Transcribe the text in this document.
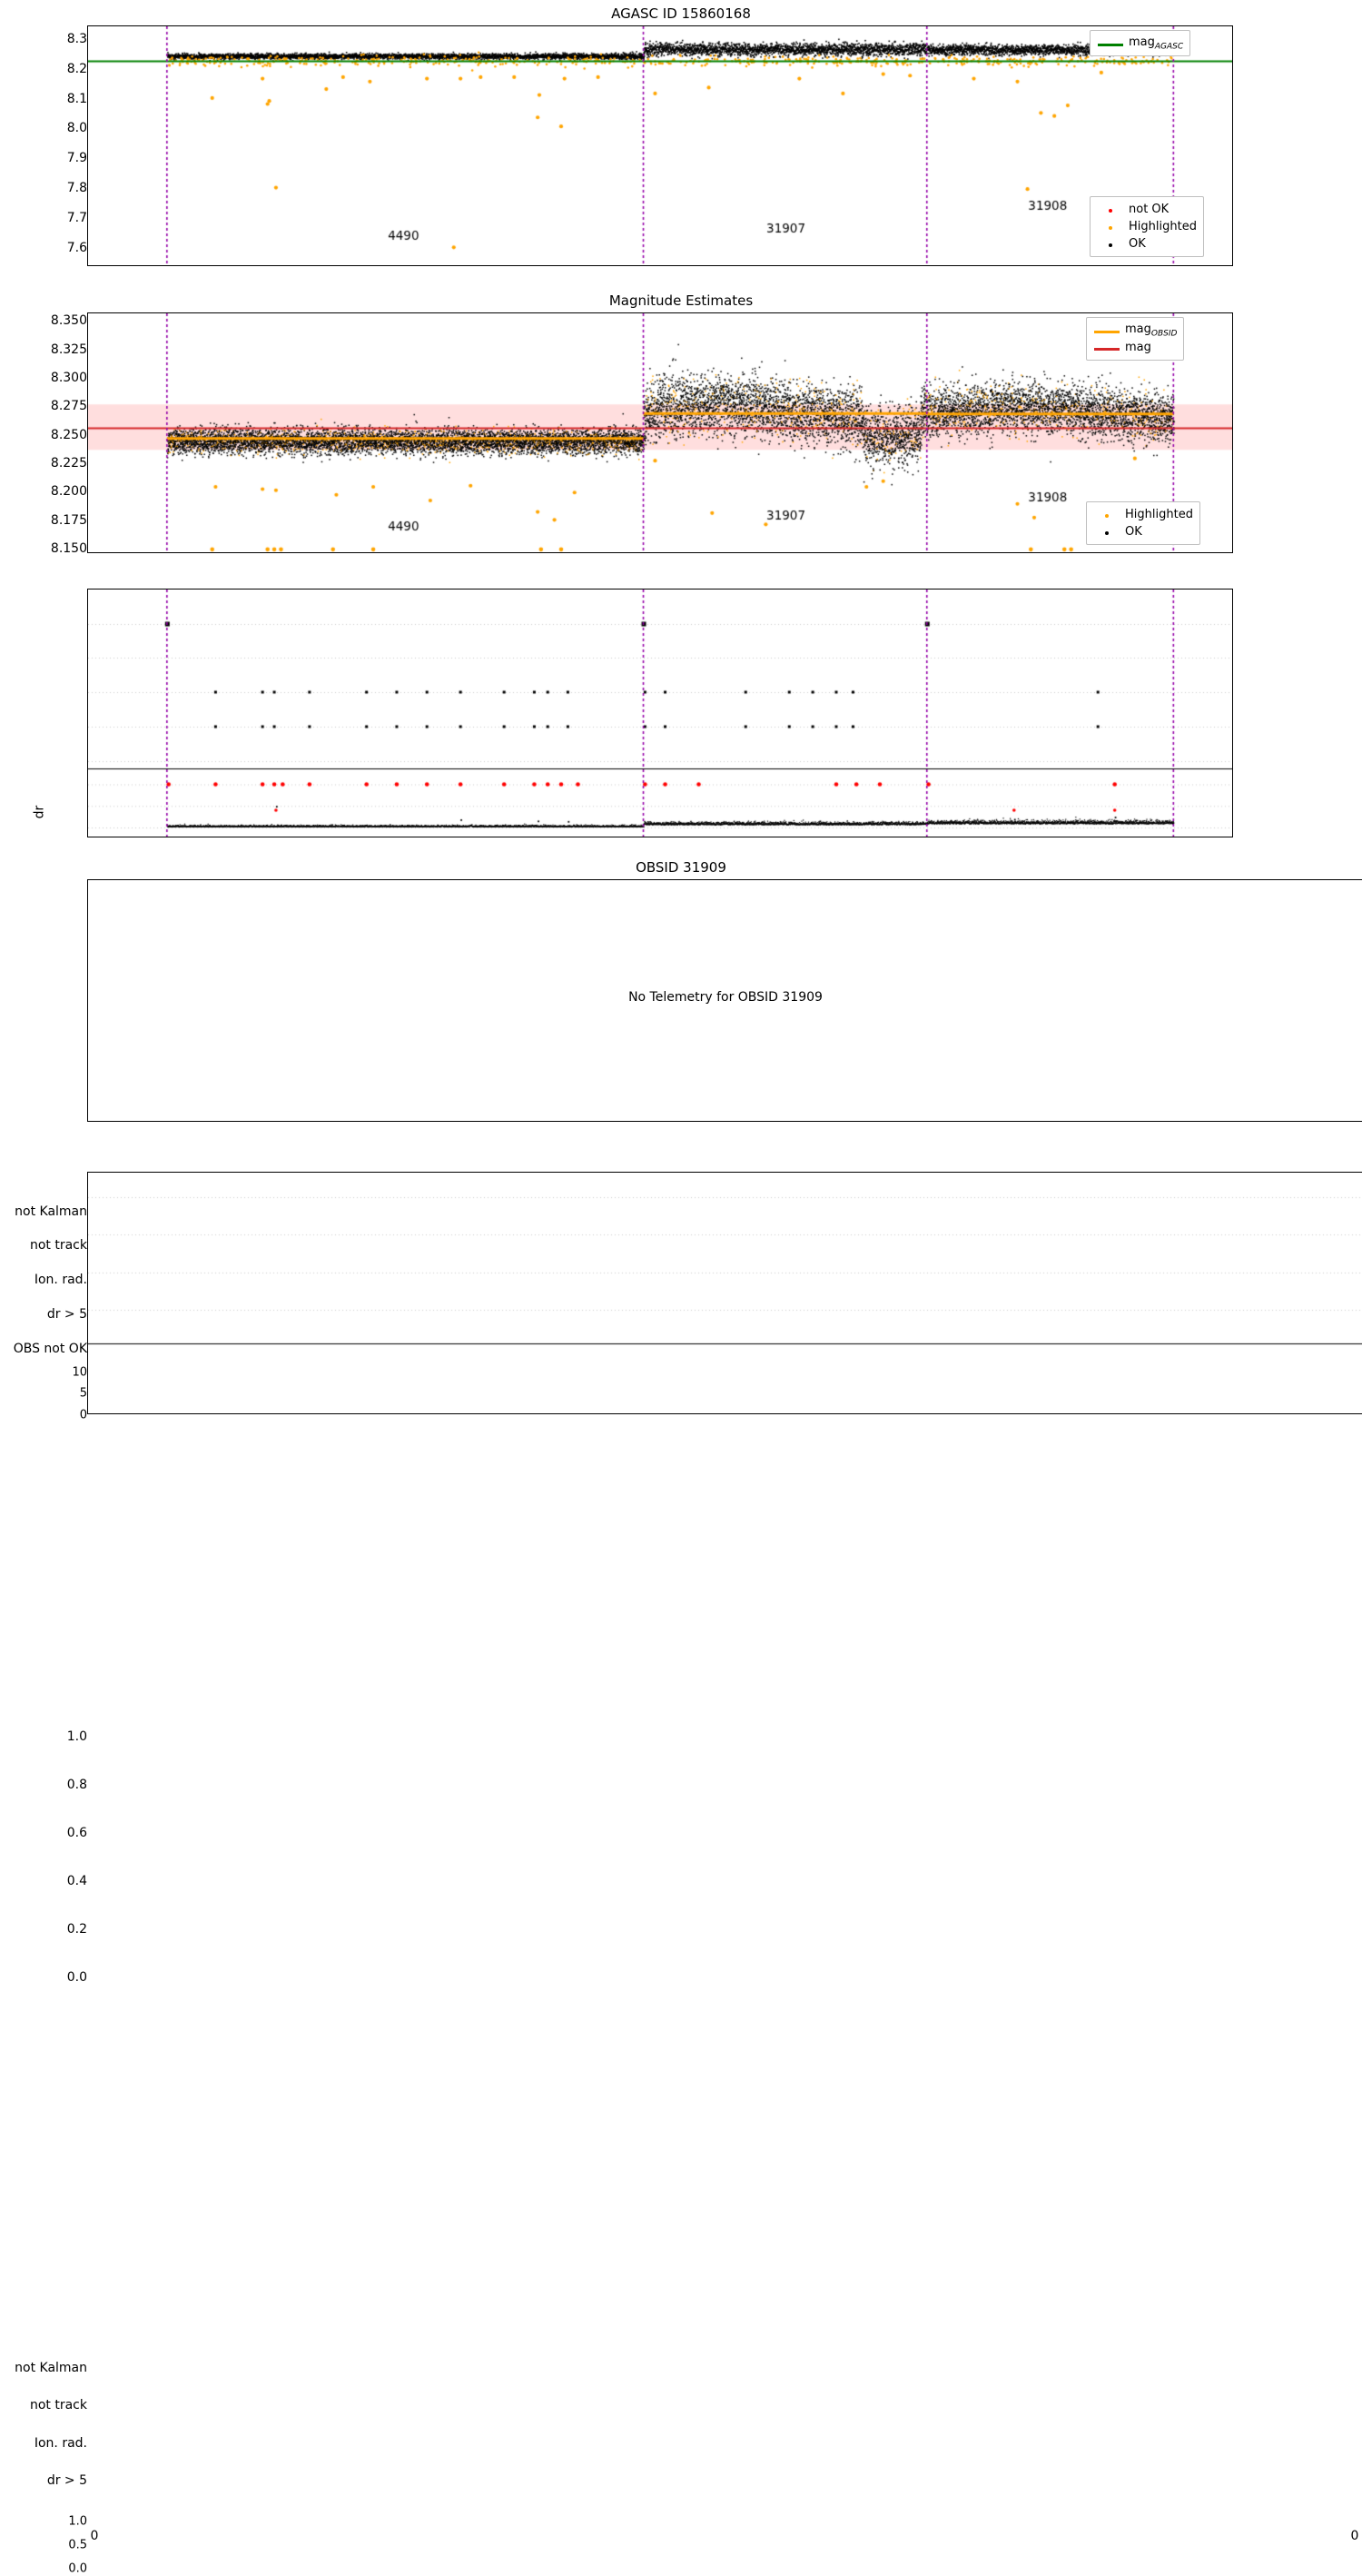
AGASC ID 15860168
7.6
7.7
7.8
7.9
8.0
8.1
8.2
8.3	mag$_{AGASC}$
not OK
Highlighted
OK
Magnitude Estimates
8.150
8.175
8.200
8.225
8.250
8.275
8.300
8.325
8.350
mag$_{OBSID}$
mag
Highlighted
OK
not Kalman
not track
Ion. rad.
dr > 5
OBS not OK
0
5
10
dr
OBSID 31909
No Telemetry for OBSID 31909
0.0
0.2
0.4
0.6
0.8
1.0
not Kalman
not track
Ion. rad.
dr > 5
1.0
0.5
0.0
0	0
